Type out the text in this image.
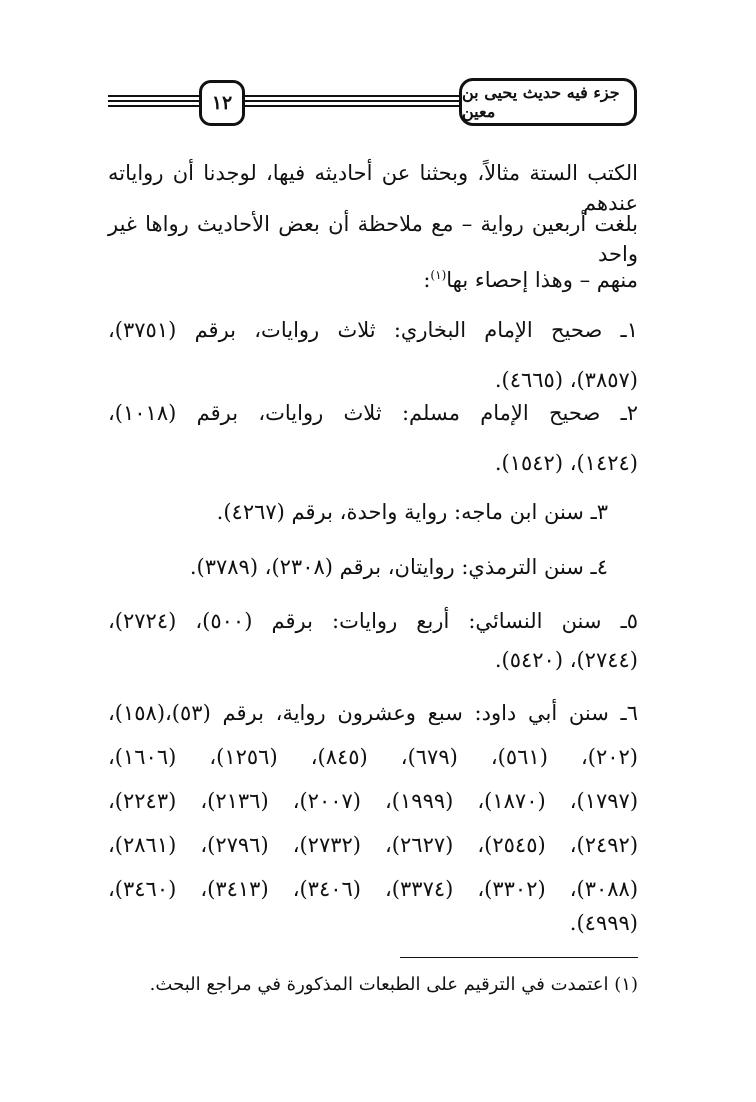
١٢	جزء فيه حديث يحيى بن معين
الكتب الستة مثالاً، وبحثنا عن أحاديثه فيها، لوجدنا أن رواياته عندهم
بلغت أربعين رواية – مع ملاحظة أن بعض الأحاديث رواها غير واحد
منهم – وهذا إحصاء بها$^{(١)}$:
١ـ صحيح الإمام البخاري: ثلاث روايات، برقم (٣٧٥١)،
(٣٨٥٧)، (٤٦٦٥).
٢ـ صحيح الإمام مسلم: ثلاث روايات، برقم (١٠١٨)،
(١٤٢٤)، (١٥٤٢).
٣ـ سنن ابن ماجه: رواية واحدة، برقم (٤٢٦٧).
٤ـ سنن الترمذي: روايتان، برقم (٢٣٠٨)، (٣٧٨٩).
٥ـ سنن النسائي: أربع روايات: برقم (٥٠٠)، (٢٧٢٤)،
(٢٧٤٤)، (٥٤٢٠).
٦ـ سنن أبي داود: سبع وعشرون رواية، برقم (٥٣)،(١٥٨)،
(٢٠٢)، (٥٦١)، (٦٧٩)، (٨٤٥)، (١٢٥٦)، (١٦٠٦)،
(١٧٩٧)، (١٨٧٠)، (١٩٩٩)، (٢٠٠٧)، (٢١٣٦)، (٢٢٤٣)،
(٢٤٩٢)، (٢٥٤٥)، (٢٦٢٧)، (٢٧٣٢)، (٢٧٩٦)، (٢٨٦١)،
(٣٠٨٨)، (٣٣٠٢)، (٣٣٧٤)، (٣٤٠٦)، (٣٤١٣)، (٣٤٦٠)،
(٤٩٩٩).
(١) اعتمدت في الترقيم على الطبعات المذكورة في مراجع البحث.
